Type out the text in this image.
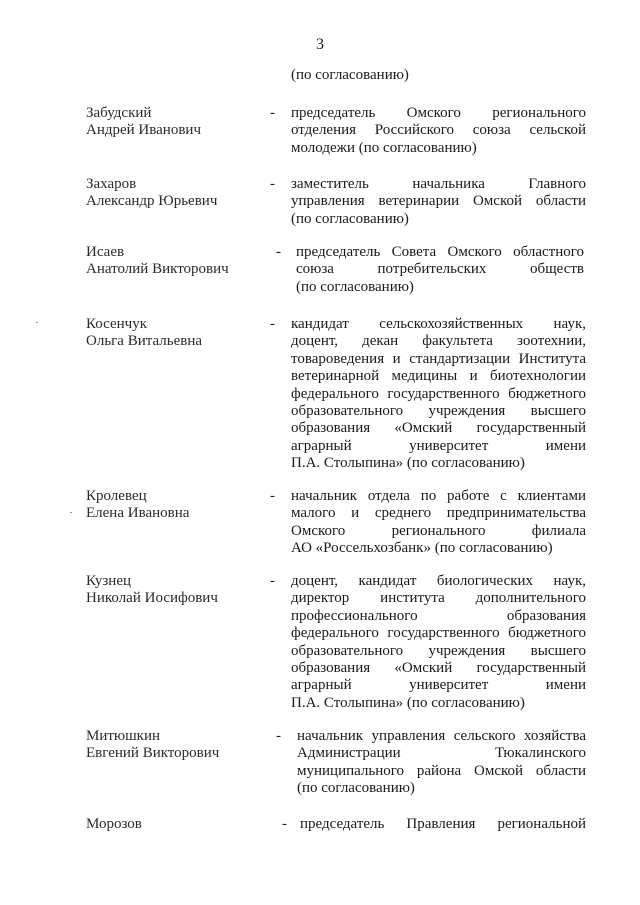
3
(по согласованию)
Забудский
Андрей Иванович
- председатель Омского регионального
отделения Российского союза сельской
молодежи (по согласованию)
Захаров
Александр Юрьевич
- заместитель начальника Главного
управления ветеринарии Омской области
(по согласованию)
Исаев
Анатолий Викторович
- председатель Совета Омского областного
союза потребительских обществ
(по согласованию)
Косенчук
Ольга Витальевна
- кандидат сельскохозяйственных наук,
доцент, декан факультета зоотехнии,
товароведения и стандартизации Института
ветеринарной медицины и биотехнологии
федерального государственного бюджетного
образовательного учреждения высшего
образования «Омский государственный
аграрный университет имени
П.А. Столыпина» (по согласованию)
Кролевец
Елена Ивановна
- начальник отдела по работе с клиентами
малого и среднего предпринимательства
Омского регионального филиала
АО «Россельхозбанк» (по согласованию)
Кузнец
Николай Иосифович
- доцент, кандидат биологических наук,
директор института дополнительного
профессионального образования
федерального государственного бюджетного
образовательного учреждения высшего
образования «Омский государственный
аграрный университет имени
П.А. Столыпина» (по согласованию)
Митюшкин
Евгений Викторович
- начальник управления сельского хозяйства
Администрации Тюкалинского
муниципального района Омской области
(по согласованию)
Морозов	- председатель Правления региональной
